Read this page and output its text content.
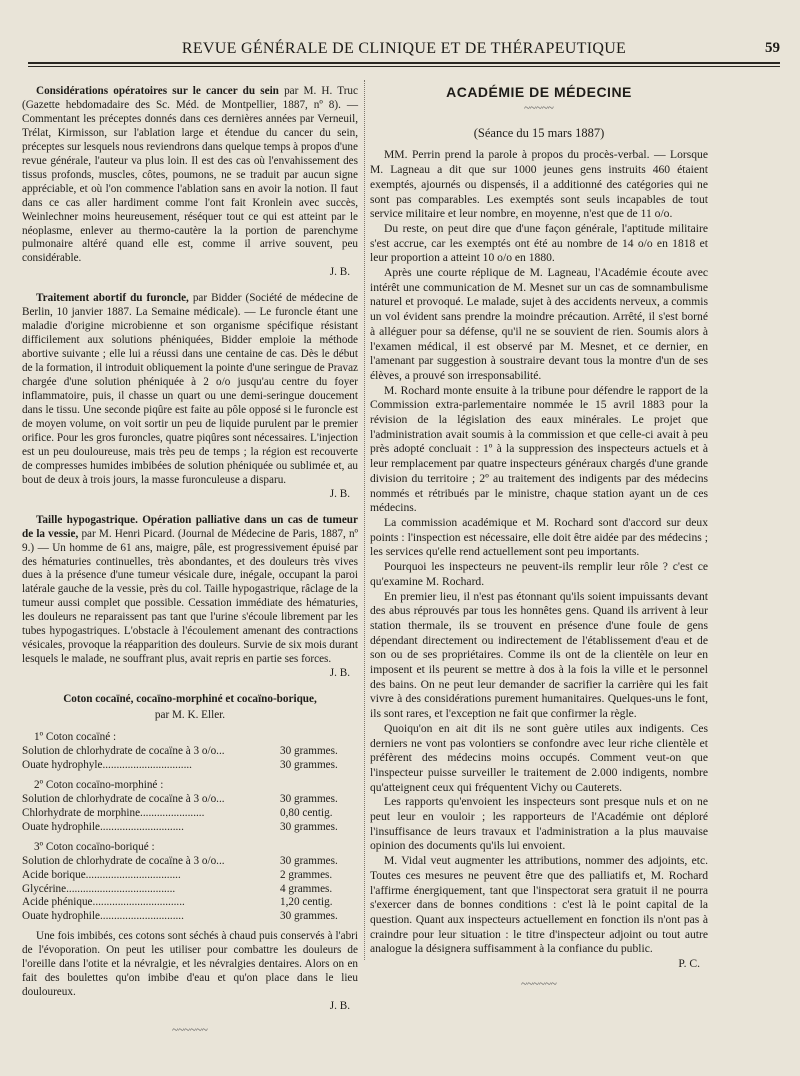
REVUE GÉNÉRALE DE CLINIQUE ET DE THÉRAPEUTIQUE	59

Considérations opératoires sur le cancer du sein par M. H. Truc (Gazette hebdomadaire des Sc. Méd. de Montpellier, 1887, nº 8). — Commentant les préceptes donnés dans ces dernières années par Verneuil, Trélat, Kirmisson, sur l'ablation large et étendue du cancer du sein, préceptes sur lesquels nous reviendrons dans quelque temps à propos d'une revue générale, l'auteur va plus loin. Il est des cas où l'envahissement des tissus profonds, muscles, côtes, poumons, ne se traduit par aucun signe appréciable, et où l'on commence l'ablation sans en avoir la notion. Il faut dans ce cas aller hardiment comme l'ont fait Kronlein avec succès, Weinlechner moins heureusement, réséquer tout ce qui est atteint par le néoplasme, enlever au thermo-cautère la la portion de parenchyme pulmonaire altéré quand elle est, comme il arrive souvent, peu considérable.

J. B.

Traitement abortif du furoncle, par Bidder (Société de médecine de Berlin, 10 janvier 1887. La Semaine médicale). — Le furoncle étant une maladie d'origine microbienne et son organisme spécifique résistant difficilement aux solutions phéniquées, Bidder emploie la méthode abortive suivante ; elle lui a réussi dans une centaine de cas. Dès le début de la formation, il introduit obliquement la pointe d'une seringue de Pravaz chargée d'une solution phéniquée à 2 o/o jusqu'au centre du foyer inflammatoire, puis, il chasse un quart ou une demi-seringue doucement dans le tissu. Une seconde piqûre est faite au pôle opposé si le furoncle est de moyen volume, on voit sortir un peu de liquide purulent par le premier orifice. Pour les gros furoncles, quatre piqûres sont nécessaires. L'injection est un peu douloureuse, mais très peu de temps ; la région est recouverte de compresses humides imbibées de solution phéniquée ou sublimée et, au bout de deux à trois jours, la masse furonculeuse a disparu.

J. B.

Taille hypogastrique. Opération palliative dans un cas de tumeur de la vessie, par M. Henri Picard. (Journal de Médecine de Paris, 1887, nº 9.) — Un homme de 61 ans, maigre, pâle, est progressivement épuisé par des hématuries continuelles, très abondantes, et des douleurs très vives dues à la présence d'une tumeur vésicale dure, inégale, occupant la paroi latérale gauche de la vessie, près du col. Taille hypogastrique, râclage de la tumeur aussi complet que possible. Cessation immédiate des hématuries, les douleurs ne reparaissent pas tant que l'urine s'écoule librement par les tubes hypogastriques. L'obstacle à l'écoulement amenant des contractions vésicales, provoque la réapparition des douleurs. Survie de six mois durant lesquels le malade, ne souffrant plus, avait repris en partie ses forces.

J. B.

Coton cocaïné, cocaïno-morphiné et cocaïno-borique,

par M. K. Eller.

1º Coton cocaïné :
Solution de chlorhydrate de cocaïne à 3 o/o...	30 grammes.
Ouate hydrophyle................................	30 grammes.
2º Coton cocaïno-morphiné :
Solution de chlorhydrate de cocaïne à 3 o/o...	30 grammes.
Chlorhydrate de morphine.......................	0,80 centig.
Ouate hydrophile..............................	30 grammes.
3º Coton cocaïno-boriqué :
Solution de chlorhydrate de cocaïne à 3 o/o...	30 grammes.
Acide borique..................................	2 grammes.
Glycérine.......................................	4 grammes.
Acide phénique.................................	1,20 centig.
Ouate hydrophile..............................	30 grammes.

Une fois imbibés, ces cotons sont séchés à chaud puis conservés à l'abri de l'évoporation. On peut les utiliser pour combattre les douleurs de l'oreille dans l'otite et la névralgie, et les névralgies dentaires. Alors on en fait des boulettes qu'on imbibe d'eau et qu'on place dans le lieu douloureux.

J. B.

~~~~~~
ACADÉMIE DE MÉDECINE
~~~~~
(Séance du 15 mars 1887)

MM. Perrin prend la parole à propos du procès-verbal. — Lorsque M. Lagneau a dit que sur 1000 jeunes gens instruits 460 étaient exemptés, ajournés ou dispensés, il a additionné des catégories qui ne sont pas comparables. Les exemptés sont seuls incapables de tout service militaire et leur nombre, en moyenne, n'est que de 11 o/o.

Du reste, on peut dire que d'une façon générale, l'aptitude militaire s'est accrue, car les exemptés ont été au nombre de 14 o/o en 1818 et leur proportion a atteint 10 o/o en 1880.

Après une courte réplique de M. Lagneau, l'Académie écoute avec intérêt une communication de M. Mesnet sur un cas de somnambulisme naturel et provoqué. Le malade, sujet à des accidents nerveux, a commis un vol évident sans prendre la moindre précaution. Arrêté, il s'est borné à alléguer pour sa défense, qu'il ne se souvient de rien. Soumis alors à l'examen médical, il est observé par M. Mesnet, et ce dernier, en l'amenant par suggestion à soustraire devant tous la montre d'un de ses élèves, a prouvé son irresponsabilité.

M. Rochard monte ensuite à la tribune pour défendre le rapport de la Commission extra-parlementaire nommée le 15 avril 1883 pour la révision de la législation des eaux minérales. Le projet que l'administration avait soumis à la commission et que celle-ci avait à peu près adopté concluait : 1º à la suppression des inspecteurs actuels et à leur remplacement par quatre inspecteurs généraux chargés d'une grande division du territoire ; 2º au traitement des indigents par des médecins nommés et rétribués par le ministre, chaque station ayant un de ces médecins.

La commission académique et M. Rochard sont d'accord sur deux points : l'inspection est nécessaire, elle doit être aidée par des médecins ; les services qu'elle rend actuellement sont peu importants.

Pourquoi les inspecteurs ne peuvent-ils remplir leur rôle ? c'est ce qu'examine M. Rochard.

En premier lieu, il n'est pas étonnant qu'ils soient impuissants devant des abus réprouvés par tous les honnêtes gens. Quand ils arrivent à leur station thermale, ils se trouvent en présence d'une foule de gens dépendant directement ou indirectement de l'établissement d'eau et de son ou de ses propriétaires. Comme ils ont de la clientèle on leur en imposent et ils peurent se mettre à dos à la fois la ville et le personnel des bains. On ne peut leur demander de sacrifier la carrière qui les fait vivre à des considérations purement humanitaires. Quelques-uns le font, ils sont rares, et l'exception ne fait que confirmer la règle.

Quoiqu'on en ait dit ils ne sont guère utiles aux indigents. Ces derniers ne vont pas volontiers se confondre avec leur riche clientèle et préfèrent des médecins moins occupés. Comment veut-on que l'inspecteur puisse surveiller le traitement de 2.000 indigents, nombre qu'atteignent ceux qui fréquentent Vichy ou Cauterets.

Les rapports qu'envoient les inspecteurs sont presque nuls et on ne peut leur en vouloir ; les rapporteurs de l'Académie ont déploré l'insuffisance de leurs travaux et l'administration a la plus mauvaise opinion des documents qu'ils lui envoient.

M. Vidal veut augmenter les attributions, nommer des adjoints, etc. Toutes ces mesures ne peuvent être que des palliatifs et, M. Rochard l'affirme énergiquement, tant que l'inspectorat sera gratuit il ne pourra s'exercer dans de bonnes conditions : c'est là le point capital de la question. Quant aux inspecteurs actuellement en fonction ils n'ont pas à craindre pour leur situation : le titre d'inspecteur adjoint ou tout autre analogue la désignera suffisamment à la confiance du public.

P. C.

~~~~~~
